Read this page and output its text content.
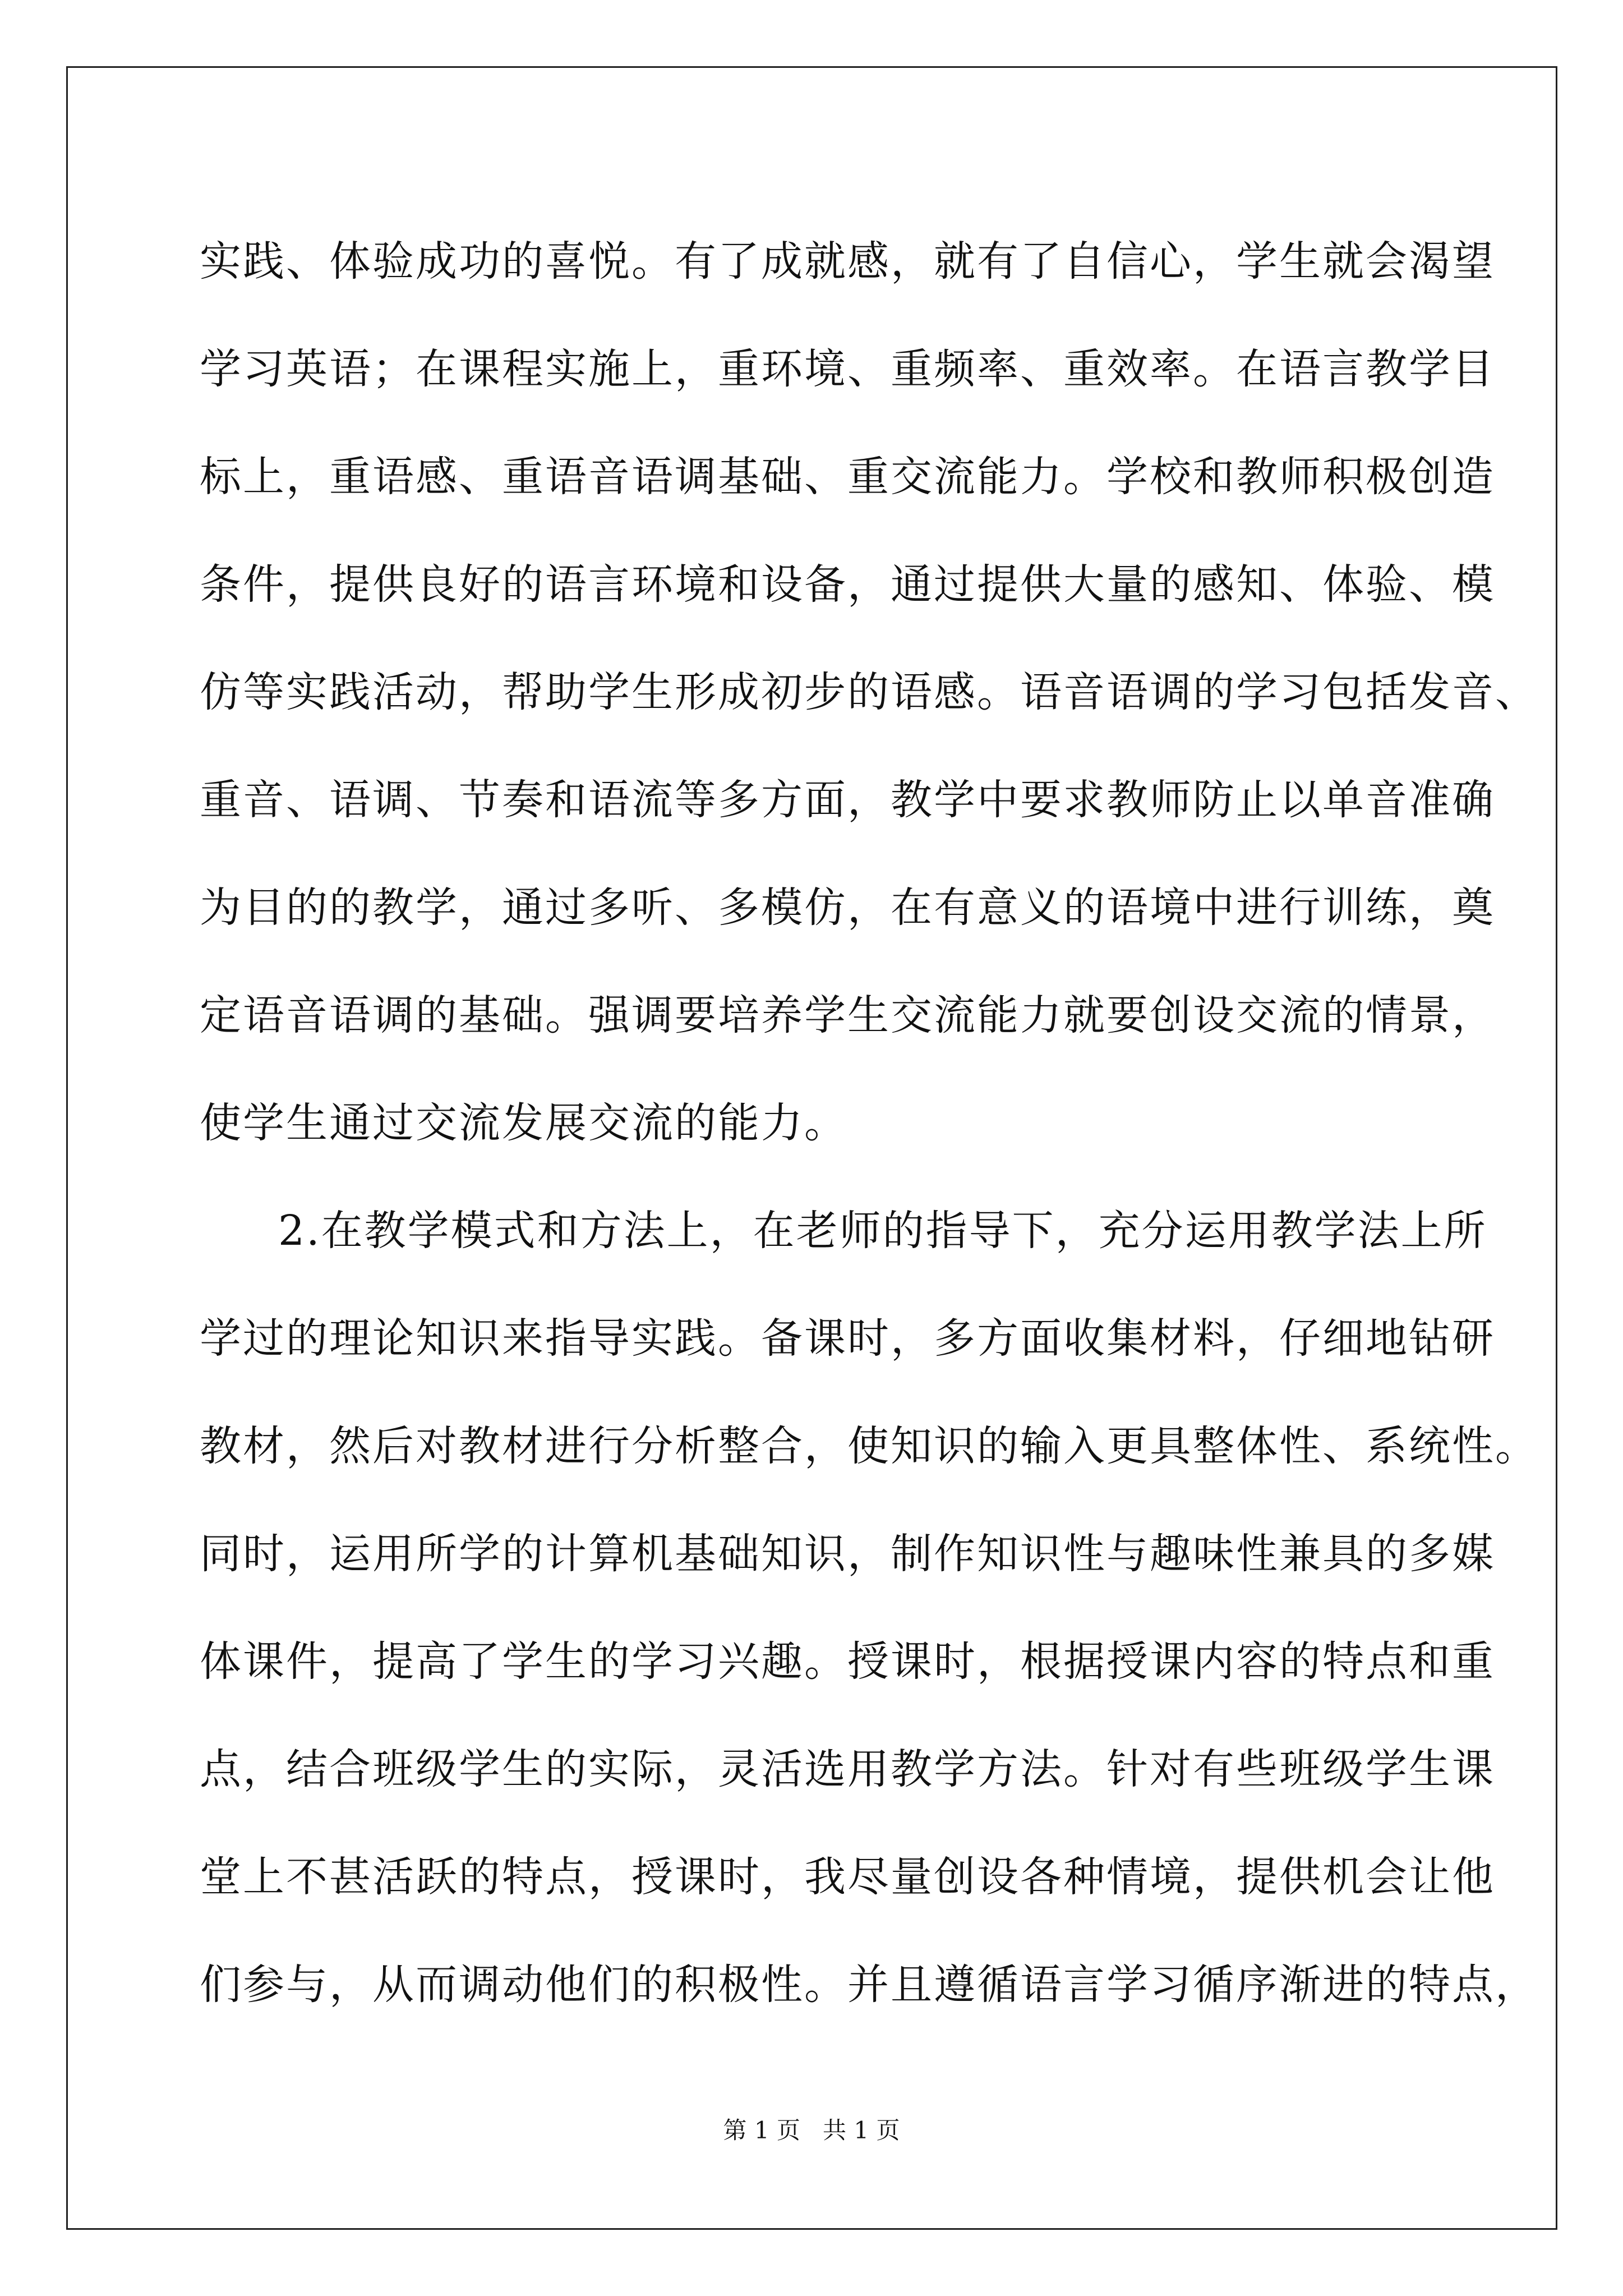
实践、体验成功的喜悦。有了成就感，就有了自信心，学生就会渴望
学习英语；在课程实施上，重环境、重频率、重效率。在语言教学目
标上，重语感、重语音语调基础、重交流能力。学校和教师积极创造
条件，提供良好的语言环境和设备，通过提供大量的感知、体验、模
仿等实践活动，帮助学生形成初步的语感。语音语调的学习包括发音、
重音、语调、节奏和语流等多方面，教学中要求教师防止以单音准确
为目的的教学，通过多听、多模仿，在有意义的语境中进行训练，奠
定语音语调的基础。强调要培养学生交流能力就要创设交流的情景，
使学生通过交流发展交流的能力。
2.在教学模式和方法上，在老师的指导下，充分运用教学法上所
学过的理论知识来指导实践。备课时，多方面收集材料，仔细地钻研
教材，然后对教材进行分析整合，使知识的输入更具整体性、系统性。
同时，运用所学的计算机基础知识，制作知识性与趣味性兼具的多媒
体课件，提高了学生的学习兴趣。授课时，根据授课内容的特点和重
点，结合班级学生的实际，灵活选用教学方法。针对有些班级学生课
堂上不甚活跃的特点，授课时，我尽量创设各种情境，提供机会让他
们参与，从而调动他们的积极性。并且遵循语言学习循序渐进的特点，
第 1 页   共 1 页
